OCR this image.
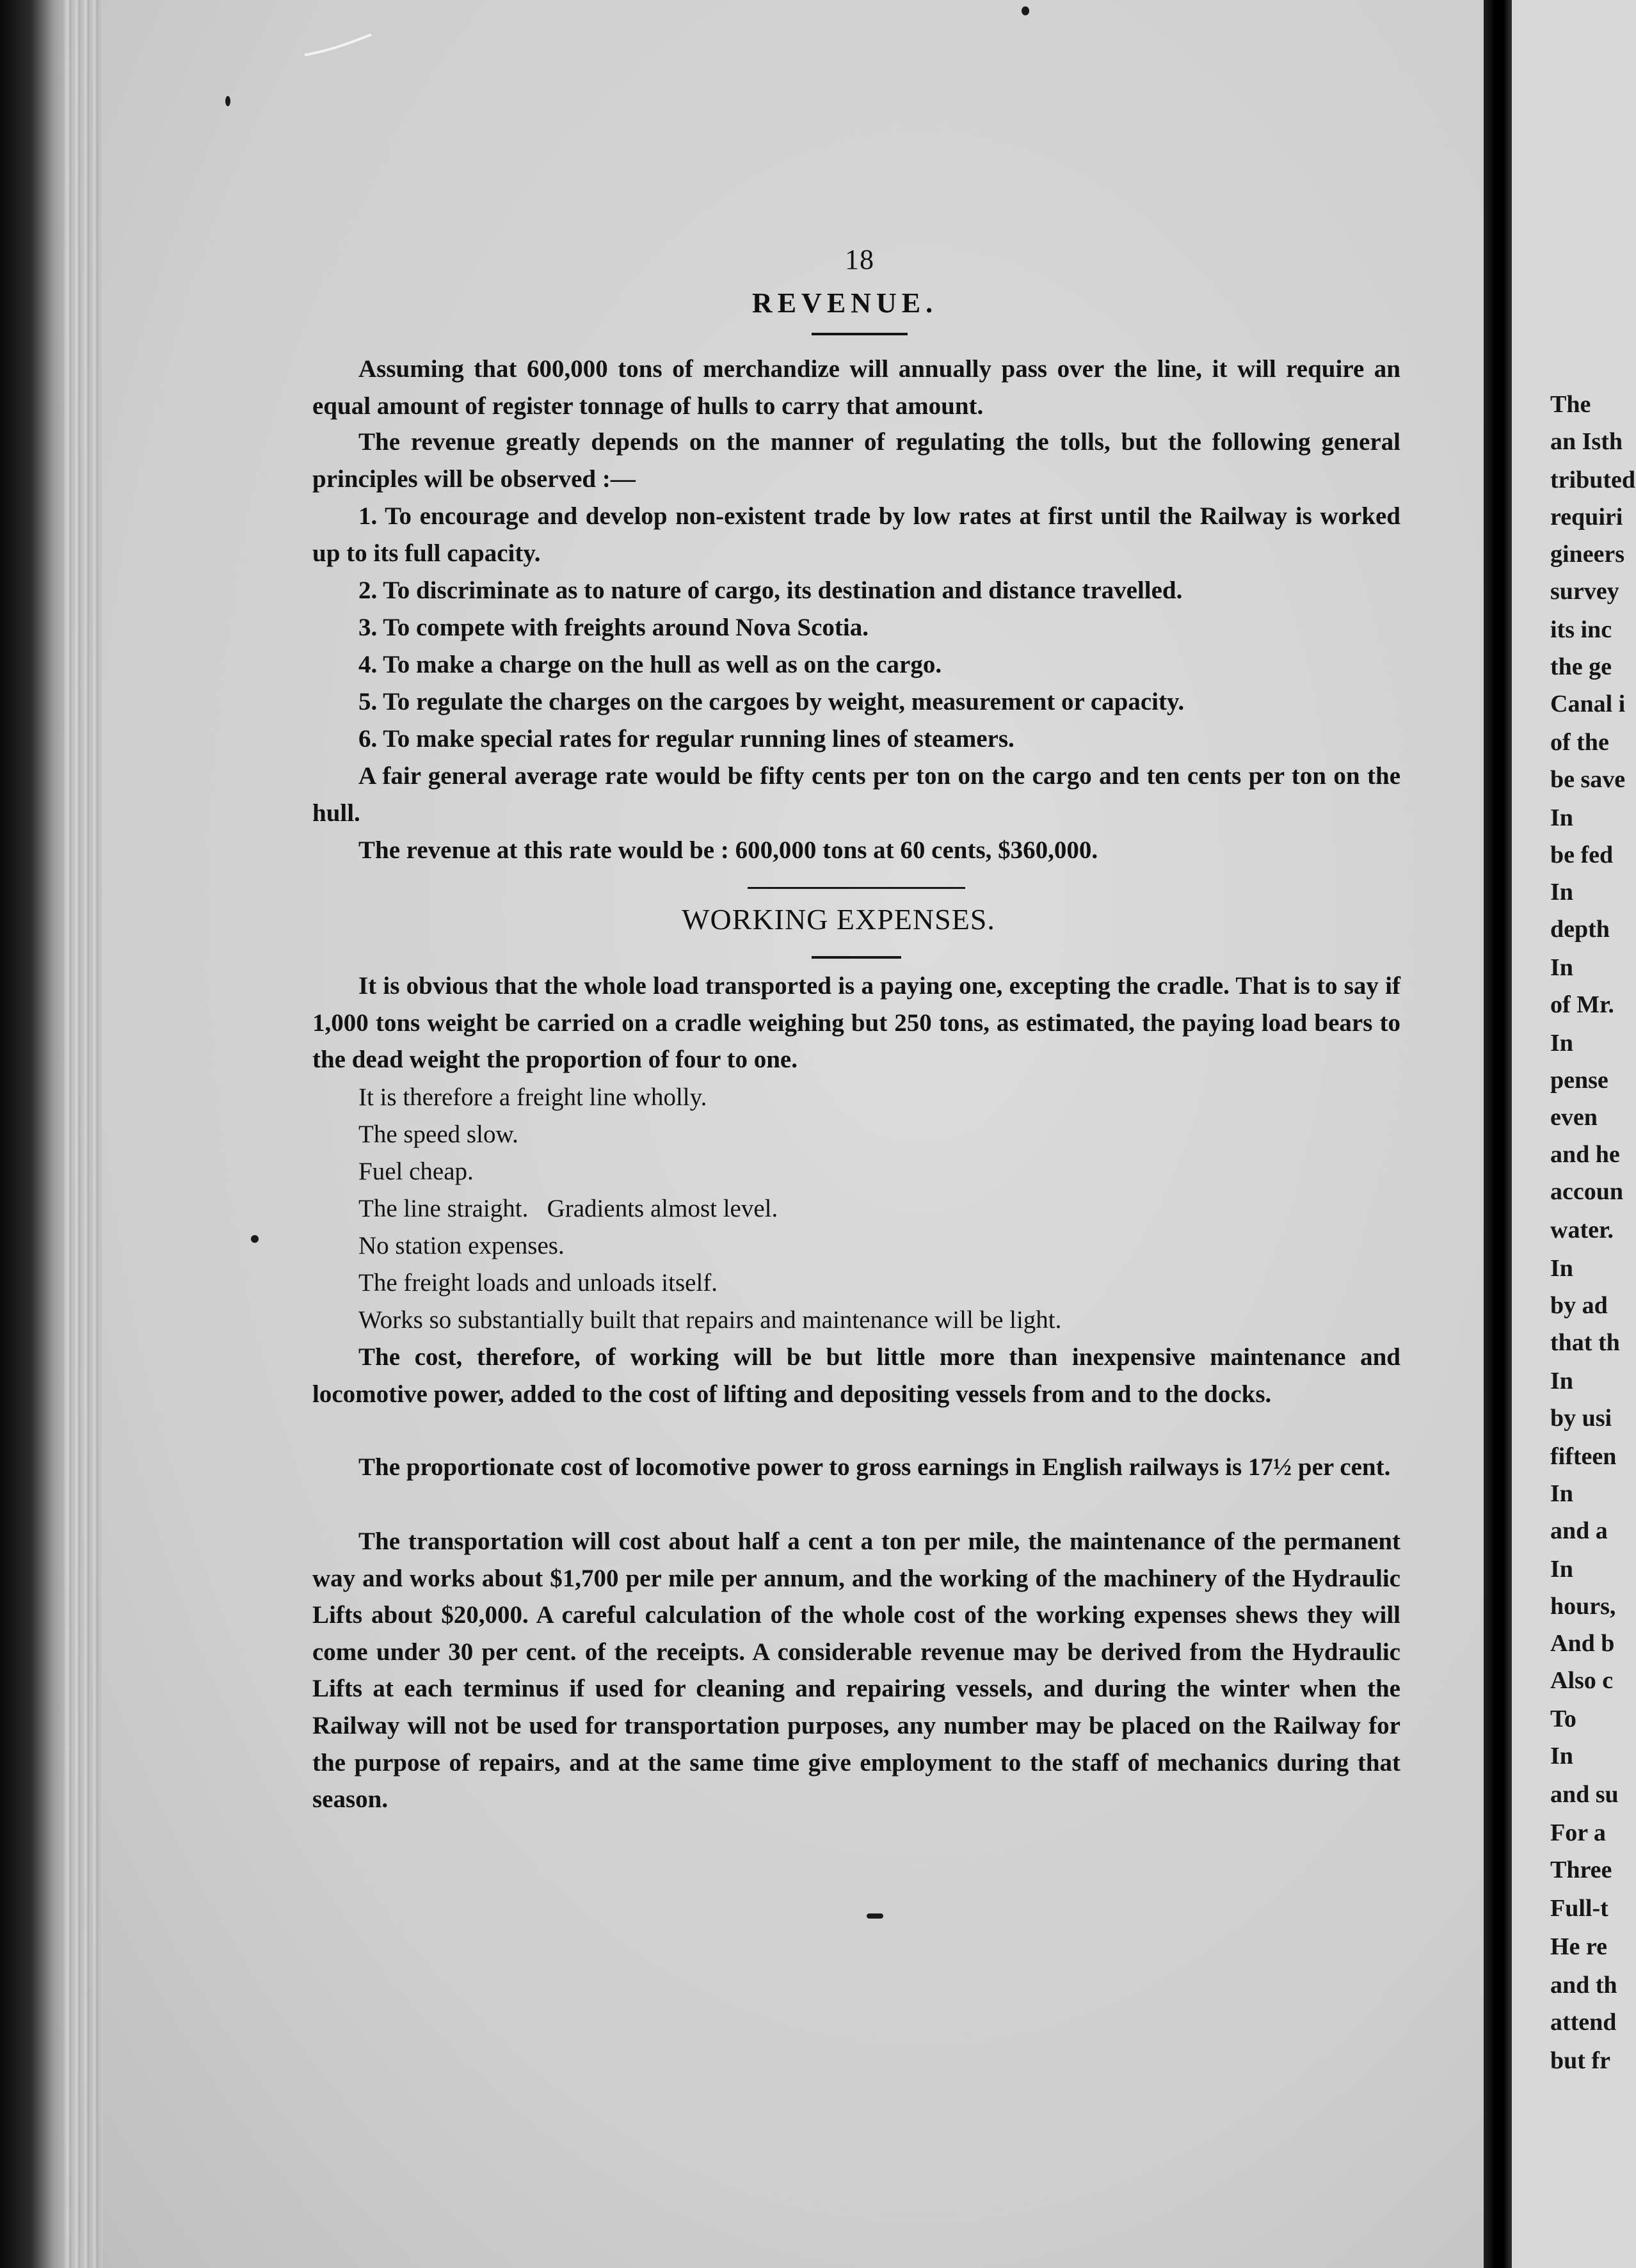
The
an Isth
tributed
requiri
gineers
survey
its inc
the ge
Canal i
of the
be save
In
be fed
In
depth
In
of Mr.
In
pense
even
and he
accoun
water.
In
by ad
that th
In
by usi
fifteen
In
and a
In
hours,
And b
Also c
To
In
and su
For a
Three
Full-t
He re
and th
attend
but fr
18
REVENUE.
Assuming that 600,000 tons of merchandize will annually pass over the line, it will require an equal amount of register tonnage of hulls to carry that amount.
The revenue greatly depends on the manner of regulating the tolls, but the following general principles will be observed :—
1. To encourage and develop non-existent trade by low rates at first until the Railway is worked up to its full capacity.
2. To discriminate as to nature of cargo, its destination and distance travelled.
3. To compete with freights around Nova Scotia.
4. To make a charge on the hull as well as on the cargo.
5. To regulate the charges on the cargoes by weight, measurement or capacity.
6. To make special rates for regular running lines of steamers.
A fair general average rate would be fifty cents per ton on the cargo and ten cents per ton on the hull.
The revenue at this rate would be : 600,000 tons at 60 cents, $360,000.
WORKING EXPENSES.
It is obvious that the whole load transported is a paying one, excepting the cradle. That is to say if 1,000 tons weight be carried on a cradle weighing but 250 tons, as estimated, the paying load bears to the dead weight the proportion of four to one.
It is therefore a freight line wholly.
The speed slow.
Fuel cheap.
The line straight.   Gradients almost level.
No station expenses.
The freight loads and unloads itself.
Works so substantially built that repairs and maintenance will be light.
The cost, therefore, of working will be but little more than inexpensive maintenance and locomotive power, added to the cost of lifting and depositing vessels from and to the docks.
The proportionate cost of locomotive power to gross earnings in English railways is 17½ per cent.
The transportation will cost about half a cent a ton per mile, the maintenance of the permanent way and works about $1,700 per mile per annum, and the working of the machinery of the Hydraulic Lifts about $20,000. A careful calculation of the whole cost of the working expenses shews they will come under 30 per cent. of the receipts. A considerable revenue may be derived from the Hydraulic Lifts at each terminus if used for cleaning and repairing vessels, and during the winter when the Railway will not be used for transportation purposes, any number may be placed on the Railway for the purpose of repairs, and at the same time give employment to the staff of mechanics during that season.
